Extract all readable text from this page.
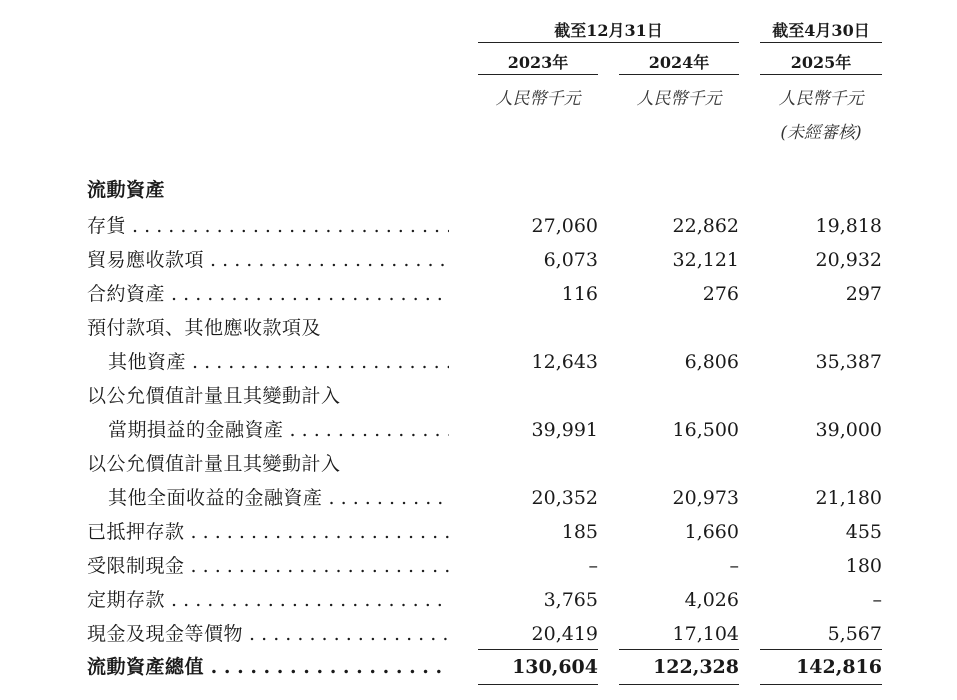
截至12月31日	截至4月30日
2023年	2024年	2025年
人民幣千元	人民幣千元	人民幣千元
(未經審核)
流動資產
存貨 . . .	27,060	22,862	19,818
貿易應收款項 . . .	6,073	32,121	20,932
合約資產 . . .	116	276	297
預付款項、其他應收款項及
其他資產 . . .	12,643	6,806	35,387
以公允價值計量且其變動計入
當期損益的金融資產 . . .	39,991	16,500	39,000
以公允價值計量且其變動計入
其他全面收益的金融資產 . . .	20,352	20,973	21,180
已抵押存款 . . .	185	1,660	455
受限制現金 . . .	–	–	180
定期存款 . . .	3,765	4,026	–
現金及現金等價物 . . .	20,419	17,104	5,567
流動資產總值 . . .	130,604	122,328	142,816
